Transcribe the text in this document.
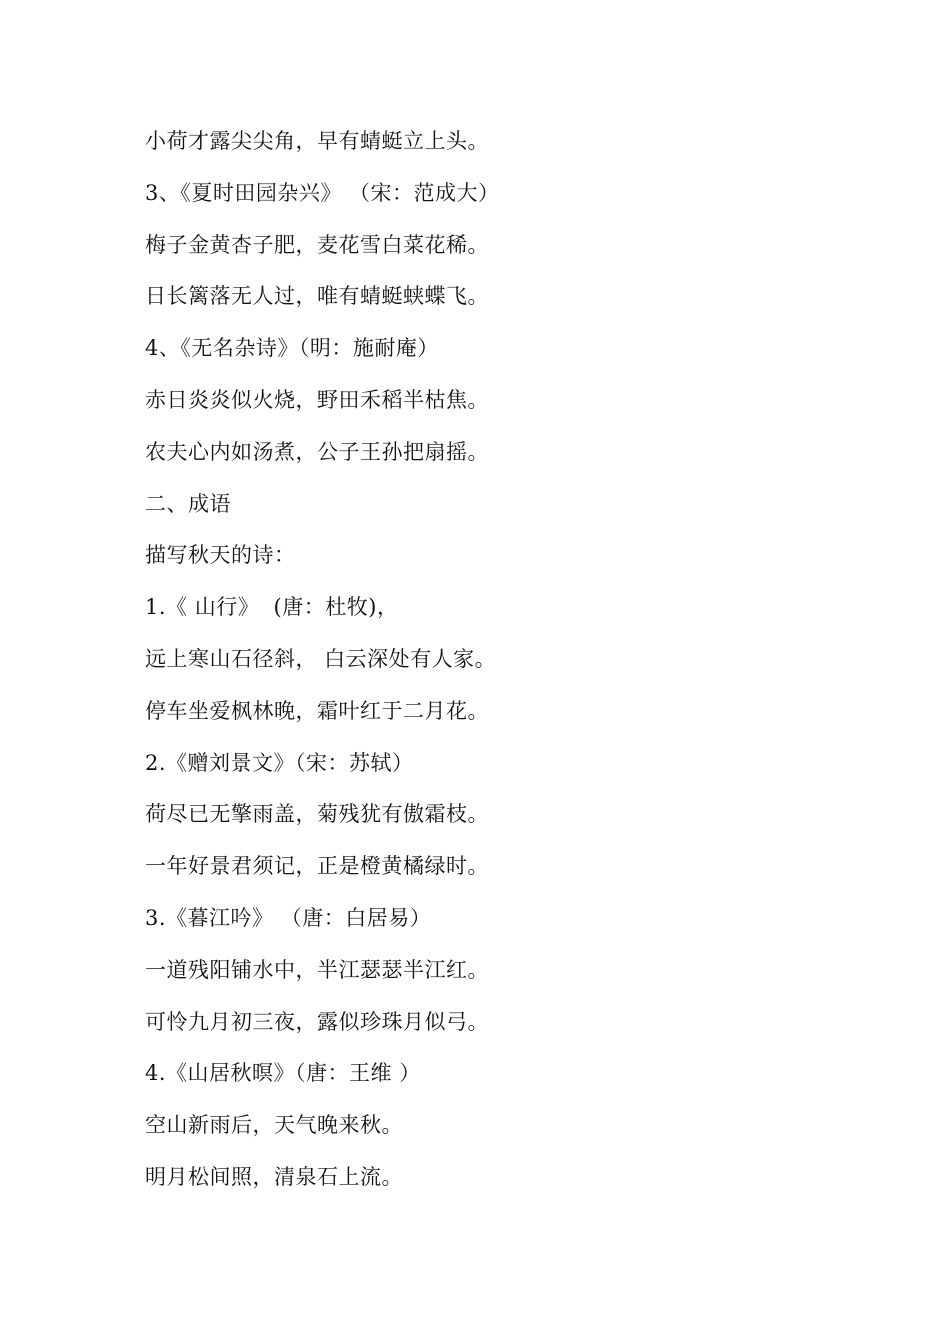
小荷才露尖尖角，早有蜻蜓立上头。
3、《夏时田园杂兴》 （宋：范成大）
梅子金黄杏子肥，麦花雪白菜花稀。
日长篱落无人过，唯有蜻蜓蛱蝶飞。
4、《无名杂诗》（明：施耐庵）
赤日炎炎似火烧，野田禾稻半枯焦。
农夫心内如汤煮，公子王孙把扇摇。
二、成语
描写秋天的诗：
1.《 山行》  (唐：杜牧)，
远上寒山石径斜， 白云深处有人家。
停车坐爱枫林晚，霜叶红于二月花。
2.《赠刘景文》（宋：苏轼）
荷尽已无擎雨盖，菊残犹有傲霜枝。
一年好景君须记，正是橙黄橘绿时。
3.《暮江吟》 （唐：白居易）
一道残阳铺水中，半江瑟瑟半江红。
可怜九月初三夜，露似珍珠月似弓。
4.《山居秋暝》（唐：王维 ）
空山新雨后，天气晚来秋。
明月松间照，清泉石上流。
